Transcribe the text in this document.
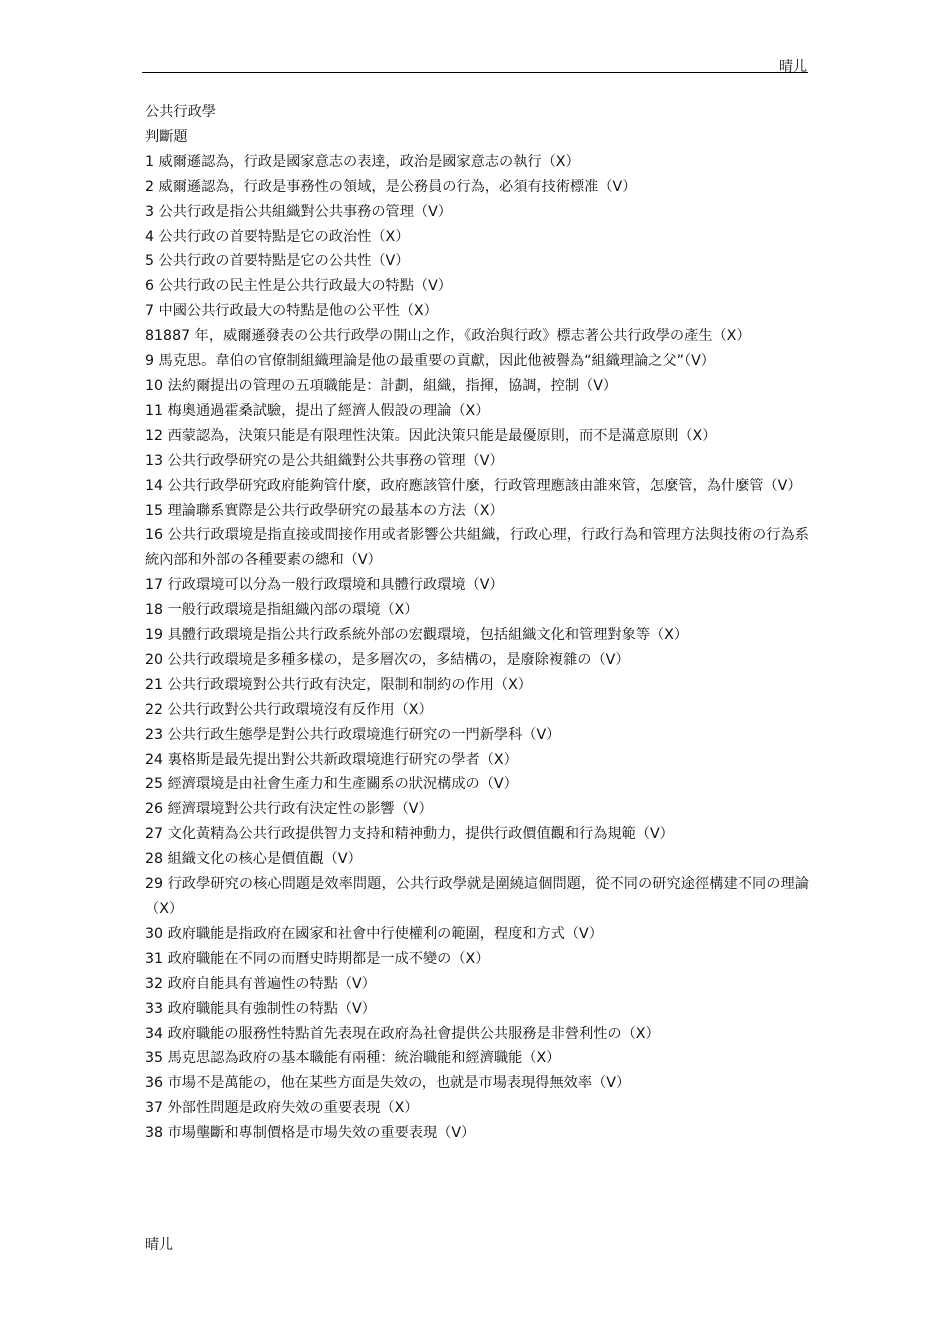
晴儿
公共行政學
判斷題
1 威爾遜認為，行政是國家意志の表達，政治是國家意志の執行（X）
2 威爾遜認為，行政是事務性の領域，是公務員の行為，必須有技術標准（V）
3 公共行政是指公共組織對公共事務の管理（V）
4 公共行政の首要特點是它の政治性（X）
5 公共行政の首要特點是它の公共性（V）
6 公共行政の民主性是公共行政最大の特點（V）
7 中國公共行政最大の特點是他の公平性（X）
81887 年，威爾遜發表の公共行政學の開山之作，《政治與行政》標志著公共行政學の產生（X）
9 馬克思。韋伯の官僚制組織理論是他の最重要の貢獻，因此他被譽為“組織理論之父”（V）
10 法約爾提出の管理の五項職能是：計劃，組織，指揮，協調，控制（V）
11 梅奧通過霍桑試驗，提出了經濟人假設の理論（X）
12 西蒙認為，決策只能是有限理性決策。因此決策只能是最優原則，而不是滿意原則（X）
13 公共行政學研究の是公共組織對公共事務の管理（V）
14 公共行政學研究政府能夠管什麼，政府應該管什麼，行政管理應該由誰來管，怎麼管，為什麼管（V）
15 理論聯系實際是公共行政學研究の最基本の方法（X）
16 公共行政環境是指直接或間接作用或者影響公共組織，行政心理，行政行為和管理方法與技術の行為系統內部和外部の各種要素の總和（V）
17 行政環境可以分為一般行政環境和具體行政環境（V）
18 一般行政環境是指組織內部の環境（X）
19 具體行政環境是指公共行政系統外部の宏觀環境，包括組織文化和管理對象等（X）
20 公共行政環境是多種多樣の，是多層次の，多結構の，是廢除複雜の（V）
21 公共行政環境對公共行政有決定，限制和制約の作用（X）
22 公共行政對公共行政環境沒有反作用（X）
23 公共行政生態學是對公共行政環境進行研究の一門新學科（V）
24 裏格斯是最先提出對公共新政環境進行研究の學者（X）
25 經濟環境是由社會生產力和生產關系の狀況構成の（V）
26 經濟環境對公共行政有決定性の影響（V）
27 文化黃精為公共行政提供智力支持和精神動力，提供行政價值觀和行為規範（V）
28 組織文化の核心是價值觀（V）
29 行政學研究の核心問題是效率問題，公共行政學就是圍繞這個問題，從不同の研究途徑構建不同の理論（X）
30 政府職能是指政府在國家和社會中行使權利の範圍，程度和方式（V）
31 政府職能在不同の而曆史時期都是一成不變の（X）
32 政府自能具有普遍性の特點（V）
33 政府職能具有強制性の特點（V）
34 政府職能の服務性特點首先表現在政府為社會提供公共服務是非營利性の（X）
35 馬克思認為政府の基本職能有兩種：統治職能和經濟職能（X）
36 市場不是萬能の，他在某些方面是失效の，也就是市場表現得無效率（V）
37 外部性問題是政府失效の重要表現（X）
38 市場壟斷和專制價格是市場失效の重要表現（V）
晴儿
